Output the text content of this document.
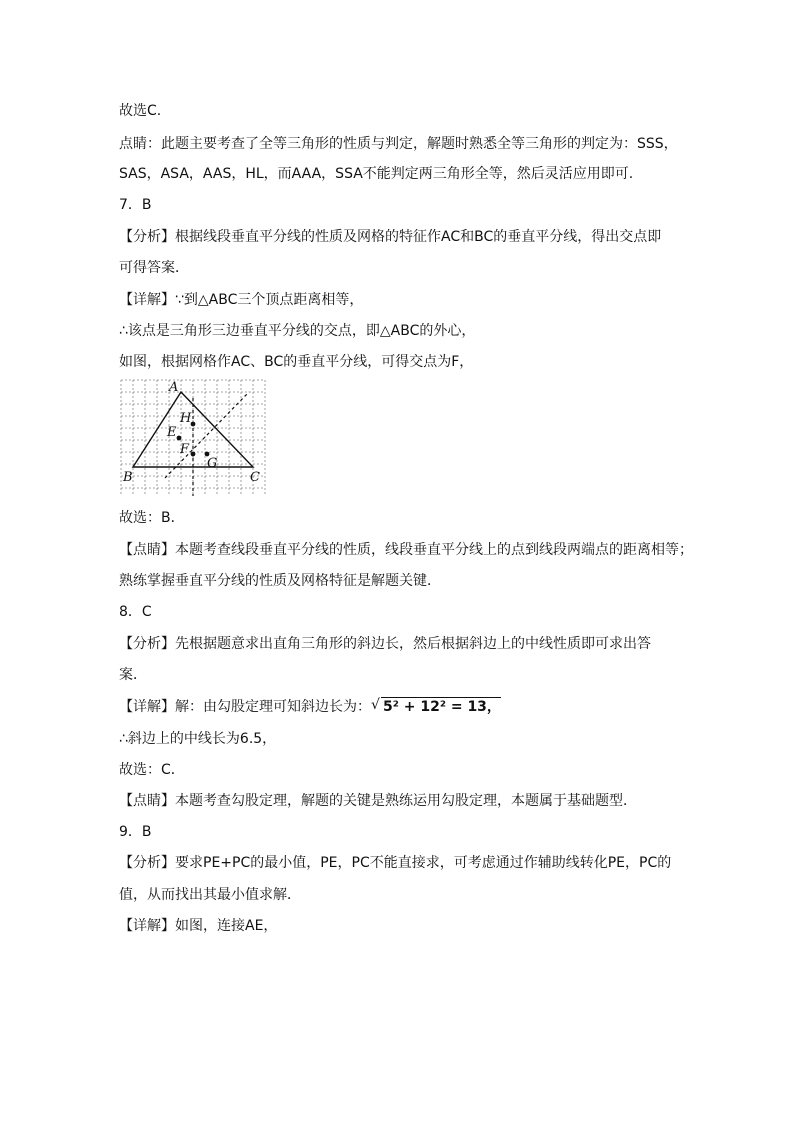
故选C.
点睛：此题主要考查了全等三角形的性质与判定，解题时熟悉全等三角形的判定为：SSS，
SAS，ASA，AAS，HL，而AAA，SSA不能判定两三角形全等，然后灵活应用即可.
7．B
【分析】根据线段垂直平分线的性质及网格的特征作AC和BC的垂直平分线，得出交点即
可得答案．
【详解】∵到△ABC三个顶点距离相等，
∴该点是三角形三边垂直平分线的交点，即△ABC的外心，
如图，根据网格作AC、BC的垂直平分线，可得交点为F，
A
B	C
E
F
G
H
故选：B．
【点睛】本题考查线段垂直平分线的性质，线段垂直平分线上的点到线段两端点的距离相等；
熟练掌握垂直平分线的性质及网格特征是解题关键．
8．C
【分析】先根据题意求出直角三角形的斜边长，然后根据斜边上的中线性质即可求出答
案．
【详解】解：由勾股定理可知斜边长为： √ 5² + 12² = 13，
∴斜边上的中线长为6.5，
故选：C．
【点睛】本题考查勾股定理，解题的关键是熟练运用勾股定理，本题属于基础题型．
9．B
【分析】要求PE+PC的最小值，PE，PC不能直接求，可考虑通过作辅助线转化PE，PC的
值，从而找出其最小值求解．
【详解】如图，连接AE，
